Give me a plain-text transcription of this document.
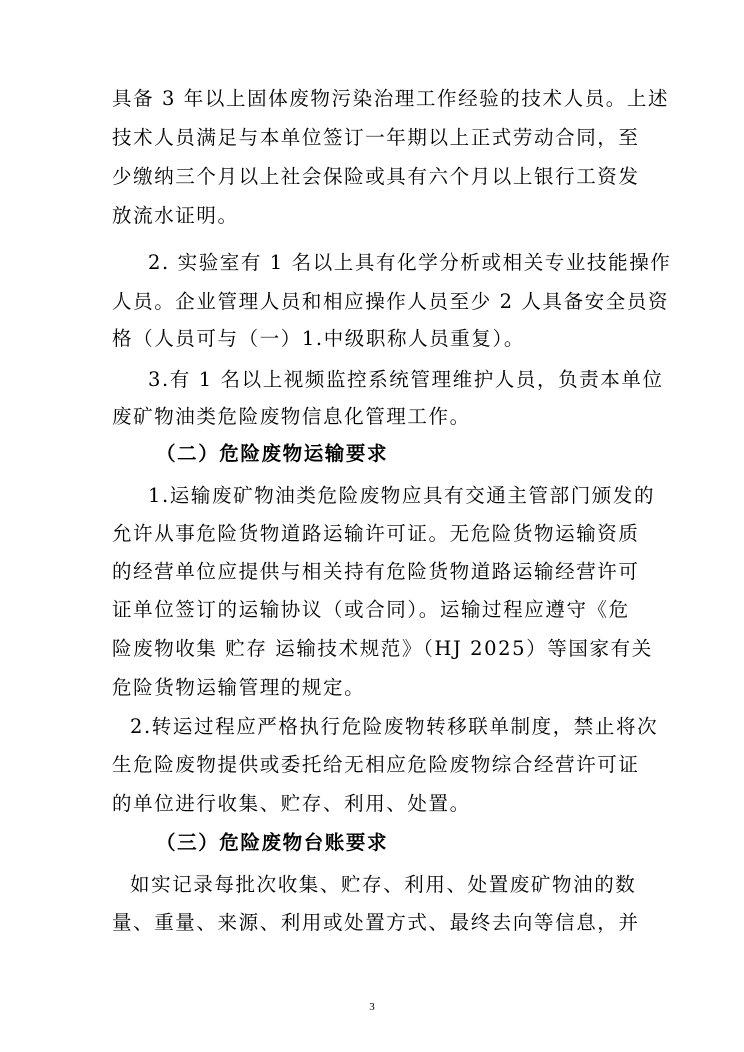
具备 3 年以上固体废物污染治理工作经验的技术人员。上述
技术人员满足与本单位签订一年期以上正式劳动合同，至
少缴纳三个月以上社会保险或具有六个月以上银行工资发
放流水证明。
2. 实验室有 1 名以上具有化学分析或相关专业技能操作
人员。企业管理人员和相应操作人员至少 2 人具备安全员资
格（人员可与（一）1.中级职称人员重复）。
3.有 1 名以上视频监控系统管理维护人员，负责本单位
废矿物油类危险废物信息化管理工作。
（二）危险废物运输要求
1.运输废矿物油类危险废物应具有交通主管部门颁发的
允许从事危险货物道路运输许可证。无危险货物运输资质
的经营单位应提供与相关持有危险货物道路运输经营许可
证单位签订的运输协议（或合同）。运输过程应遵守《危
险废物收集 贮存 运输技术规范》（HJ 2025）等国家有关
危险货物运输管理的规定。
2.转运过程应严格执行危险废物转移联单制度，禁止将次
生危险废物提供或委托给无相应危险废物综合经营许可证
的单位进行收集、贮存、利用、处置。
（三）危险废物台账要求
如实记录每批次收集、贮存、利用、处置废矿物油的数
量、重量、来源、利用或处置方式、最终去向等信息，并
3
